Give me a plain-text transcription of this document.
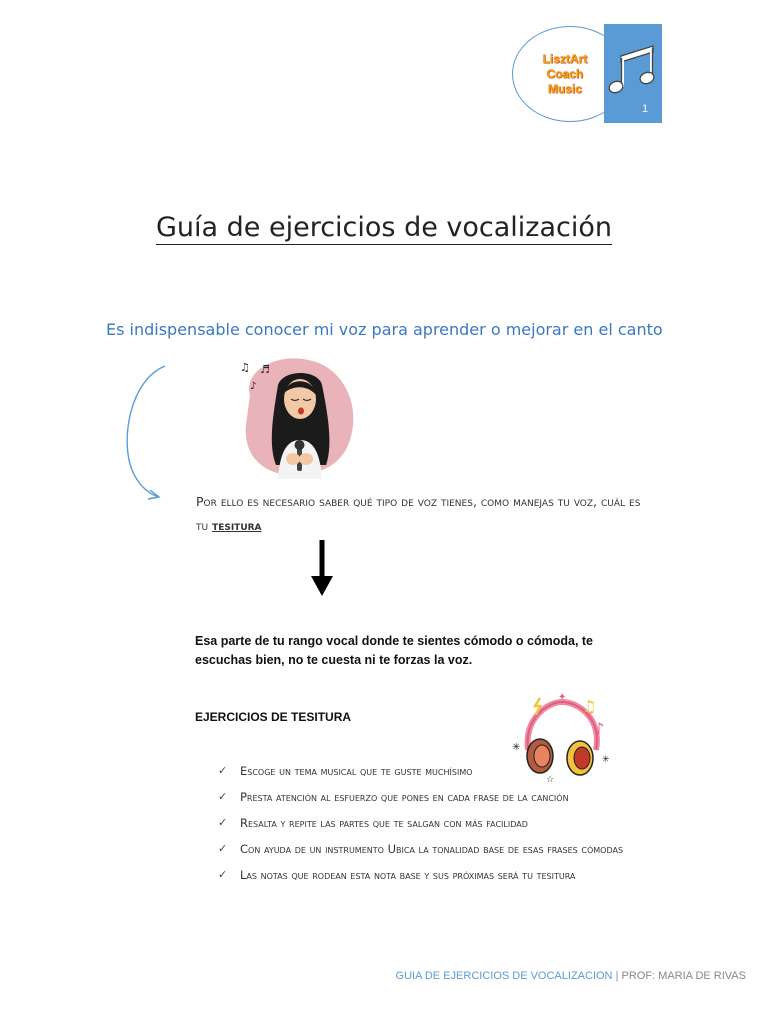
LisztArt
Coach
Music
1
Guía de ejercicios de vocalización
Es indispensable conocer mi voz para aprender o mejorar en el canto
♫ ♬
♪
Por ello es necesario saber qué tipo de voz tienes, como manejas tu voz, cuál es tu tesitura
Esa parte de tu rango vocal donde te sientes cómodo o cómoda, te escuchas bien, no te cuesta ni te forzas la voz.
EJERCICIOS DE TESITURA
✦ ♫
♪
✳
✳
☆
✓	Escoge un tema musical que te guste muchísimo
✓	Presta atención al esfuerzo que pones en cada frase de la canción
✓	Resalta y repite las partes que te salgan con más facilidad
✓	Con ayuda de un instrumento Ubica la tonalidad base de esas frases cómodas
✓	Las notas que rodean esta nota base y sus próximas será tu tesitura
GUIA DE EJERCICIOS DE VOCALIZACION | PROF: MARIA DE RIVAS
